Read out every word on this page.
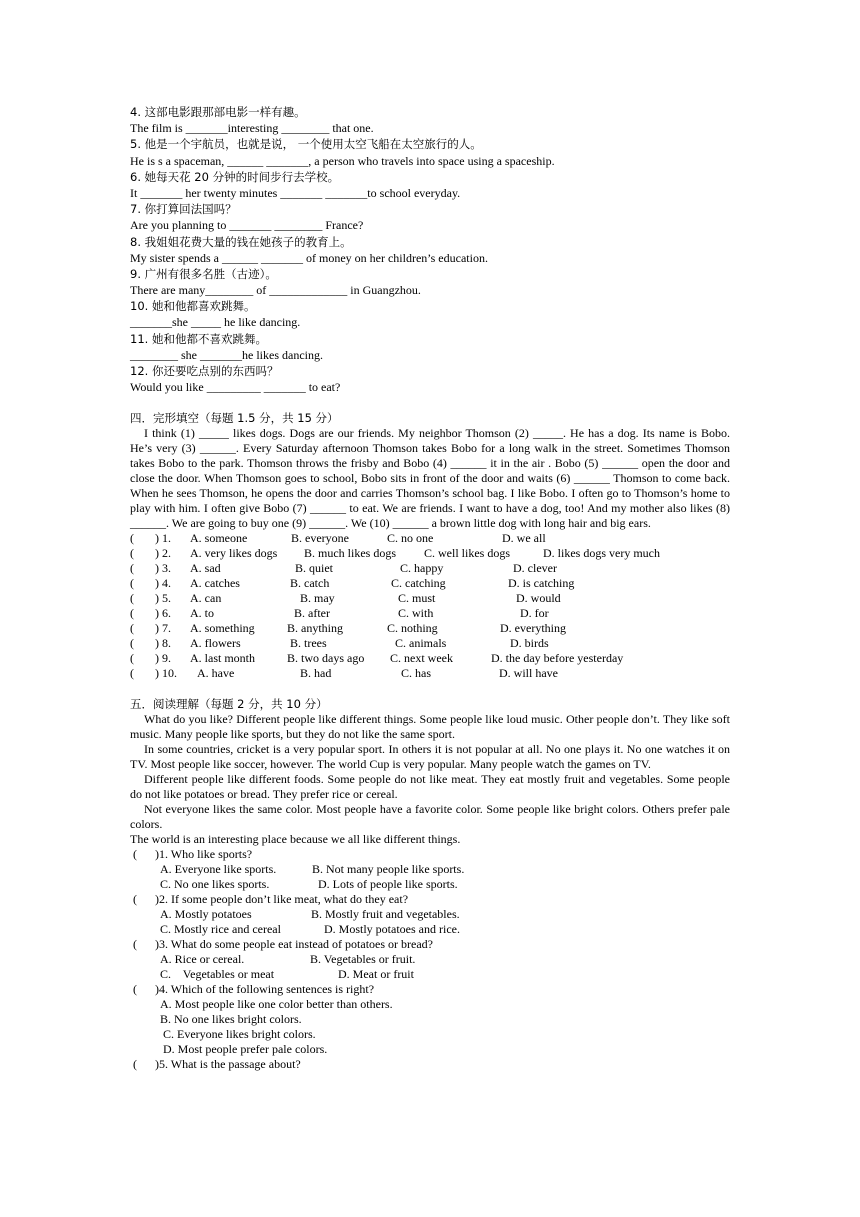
4. 这部电影跟那部电影一样有趣。
The film is _______interesting ________ that one.
5. 他是一个宇航员，也就是说， 一个使用太空飞船在太空旅行的人。
He is s a spaceman, ______ _______, a person who travels into space using a spaceship.
6. 她每天花 20 分钟的时间步行去学校。
It _______ her twenty minutes _______ _______to school everyday.
7. 你打算回法国吗？
Are you planning to _______ ________ France?
8. 我姐姐花费大量的钱在她孩子的教育上。
My sister spends a ______ _______ of money on her children’s education.
9. 广州有很多名胜（古迹）。
There are many________ of _____________ in Guangzhou.
10. 她和他都喜欢跳舞。
_______she _____ he like dancing.
11. 她和他都不喜欢跳舞。
________ she _______he likes dancing.
12. 你还要吃点别的东西吗？
Would you like _________ _______ to eat?
四．完形填空（每题 1.5 分，共 15 分）

I think (1) _____ likes dogs. Dogs are our friends. My neighbor Thomson (2) _____. He has a dog. Its name is Bobo. He’s very (3) ______. Every Saturday afternoon Thomson takes Bobo for a long walk in the street. Sometimes Thomson takes Bobo to the park. Thomson throws the frisby and Bobo (4) ______ it in the air . Bobo (5) ______ open the door and close the door. When Thomson goes to school, Bobo sits in front of the door and waits (6) ______ Thomson to come back. When he sees Thomson, he opens the door and carries Thomson’s school bag. I like Bobo. I often go to Thomson’s home to play with him. I often give Bobo (7) ______ to eat. We are friends. I want to have a dog, too! And my mother also likes (8) ______. We are going to buy one (9) ______. We (10) ______ a brown little dog with long hair and big ears.

(       ) 1. A. someone	B. everyone	C. no one	D. we all
(       ) 2. A. very likes dogs B. much likes dogs C. well likes dogs	D. likes dogs very much
(       ) 3. A. sad	B. quiet	C. happy	D. clever
(       ) 4. A. catches	B. catch	C. catching	D. is catching
(       ) 5. A. can	B. may	C. must	D. would
(       ) 6. A. to	B. after	C. with	D. for
(       ) 7. A. something	B. anything	C. nothing	D. everything
(       ) 8. A. flowers	B. trees	C. animals	D. birds
(       ) 9. A. last month	B. two days ago C. next week	D. the day before yesterday
(       ) 10. A. have	B. had	C. has	D. will have
五．阅读理解（每题 2 分，共 10 分）

What do you like? Different people like different things. Some people like loud music. Other people don’t. They like soft music. Many people like sports, but they do not like the same sport.

In some countries, cricket is a very popular sport. In others it is not popular at all. No one plays it. No one watches it on TV. Most people like soccer, however. The world Cup is very popular. Many people watch the games on TV.

Different people like different foods. Some people do not like meat. They eat mostly fruit and vegetables. Some people do not like potatoes or bread. They prefer rice or cereal.

Not everyone likes the same color. Most people have a favorite color. Some people like bright colors. Others prefer pale colors.

The world is an interesting place because we all like different things.

(      )1. Who like sports?
A. Everyone like sports.	B. Not many people like sports.
C. No one likes sports.	D. Lots of people like sports.
(      )2. If some people don’t like meat, what do they eat?
A. Mostly potatoes	B. Mostly fruit and vegetables.
C. Mostly rice and cereal	D. Mostly potatoes and rice.
(      )3. What do some people eat instead of potatoes or bread?
A. Rice or cereal.	B. Vegetables or fruit.
C.    Vegetables or meat	D. Meat or fruit
(      )4. Which of the following sentences is right?
A. Most people like one color better than others.
B. No one likes bright colors.
C. Everyone likes bright colors.
D. Most people prefer pale colors.
(      )5. What is the passage about?
